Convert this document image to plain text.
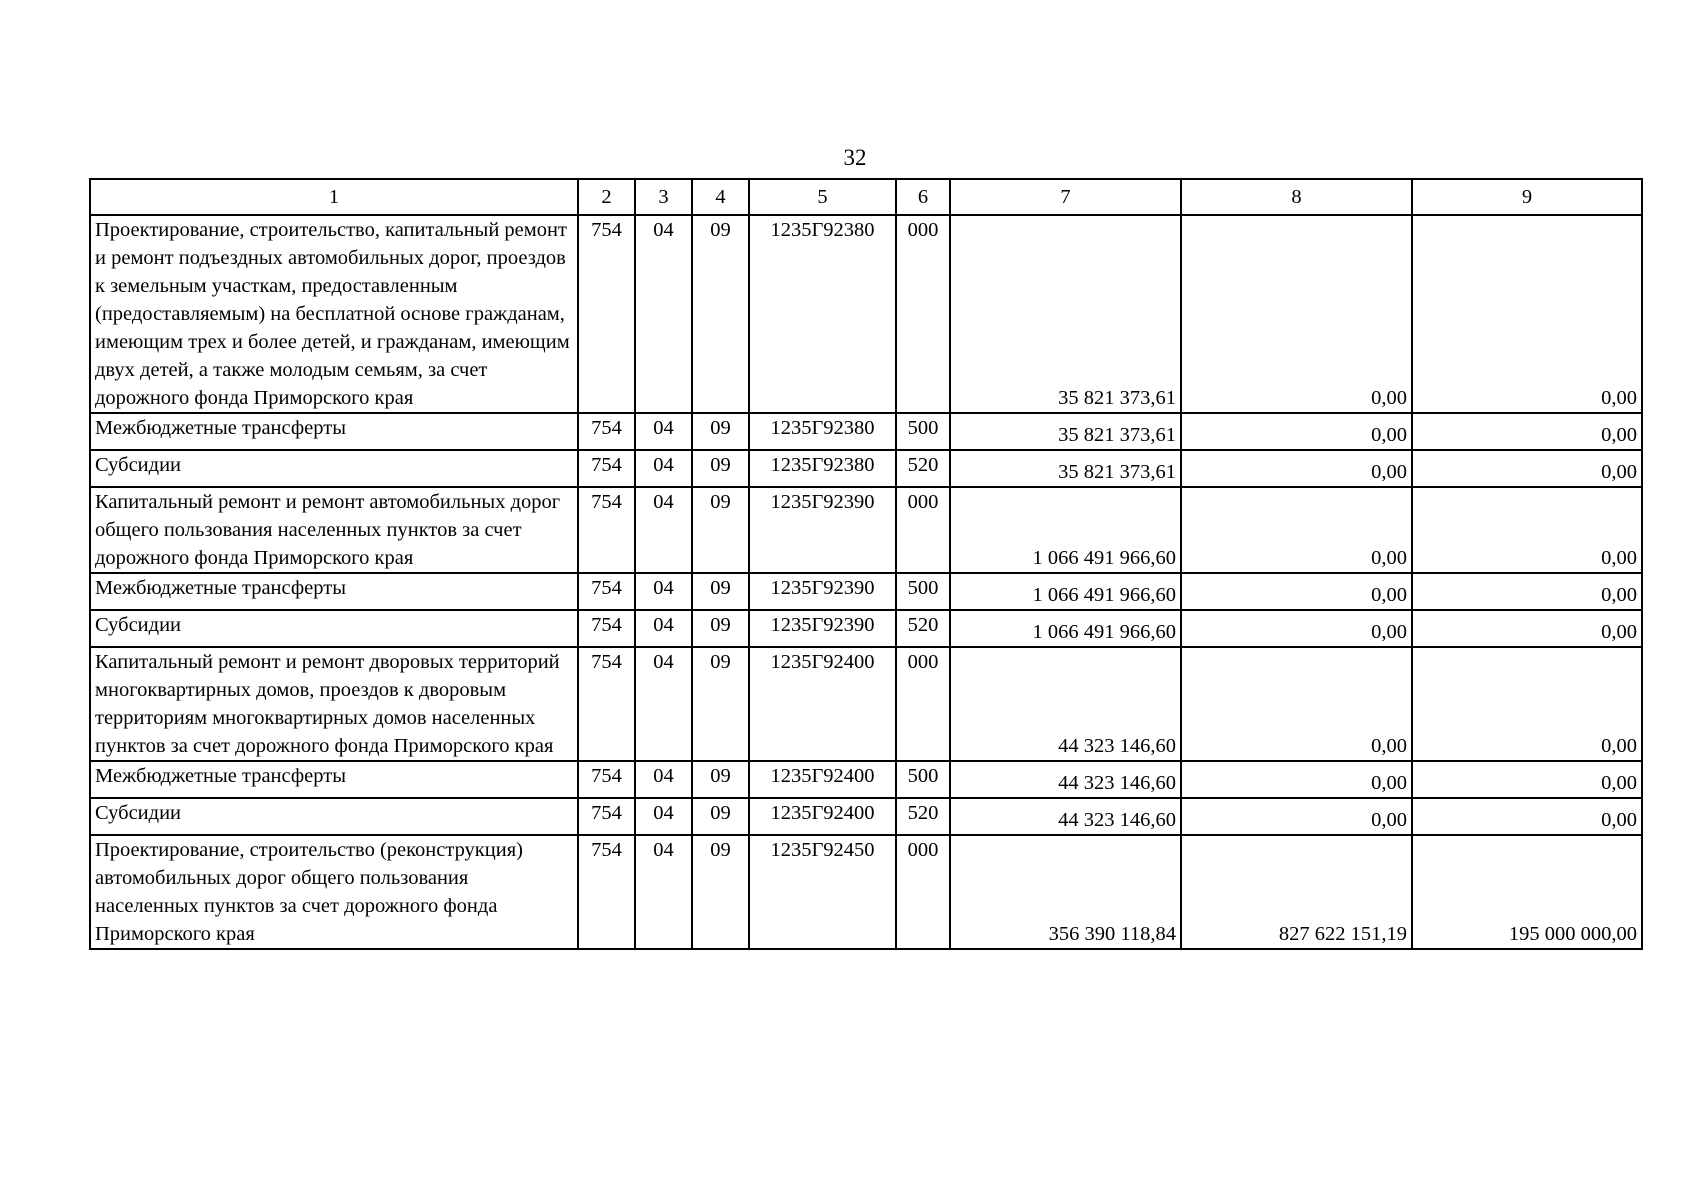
32
1	2	3	4	5	6	7	8	9
Проектирование, строительство, капитальный ремонт и ремонт подъездных автомобильных дорог, проездов к земельным участкам, предоставленным (предоставляемым) на бесплатной основе гражданам, имеющим трех и более детей, и гражданам, имеющим двух детей, а также молодым семьям, за счет дорожного фонда Приморского края	754	04	09	1235Г92380	000	35 821 373,61	0,00	0,00
Межбюджетные трансферты	754	04	09	1235Г92380	500	35 821 373,61	0,00	0,00
Субсидии	754	04	09	1235Г92380	520	35 821 373,61	0,00	0,00
Капитальный ремонт и ремонт автомобильных дорог общего пользования населенных пунктов за счет дорожного фонда Приморского края	754	04	09	1235Г92390	000	1 066 491 966,60	0,00	0,00
Межбюджетные трансферты	754	04	09	1235Г92390	500	1 066 491 966,60	0,00	0,00
Субсидии	754	04	09	1235Г92390	520	1 066 491 966,60	0,00	0,00
Капитальный ремонт и ремонт дворовых территорий многоквартирных домов, проездов к дворовым территориям многоквартирных домов населенных пунктов за счет дорожного фонда Приморского края	754	04	09	1235Г92400	000	44 323 146,60	0,00	0,00
Межбюджетные трансферты	754	04	09	1235Г92400	500	44 323 146,60	0,00	0,00
Субсидии	754	04	09	1235Г92400	520	44 323 146,60	0,00	0,00
Проектирование, строительство (реконструкция) автомобильных дорог общего пользования населенных пунктов за счет дорожного фонда Приморского края	754	04	09	1235Г92450	000	356 390 118,84	827 622 151,19	195 000 000,00
